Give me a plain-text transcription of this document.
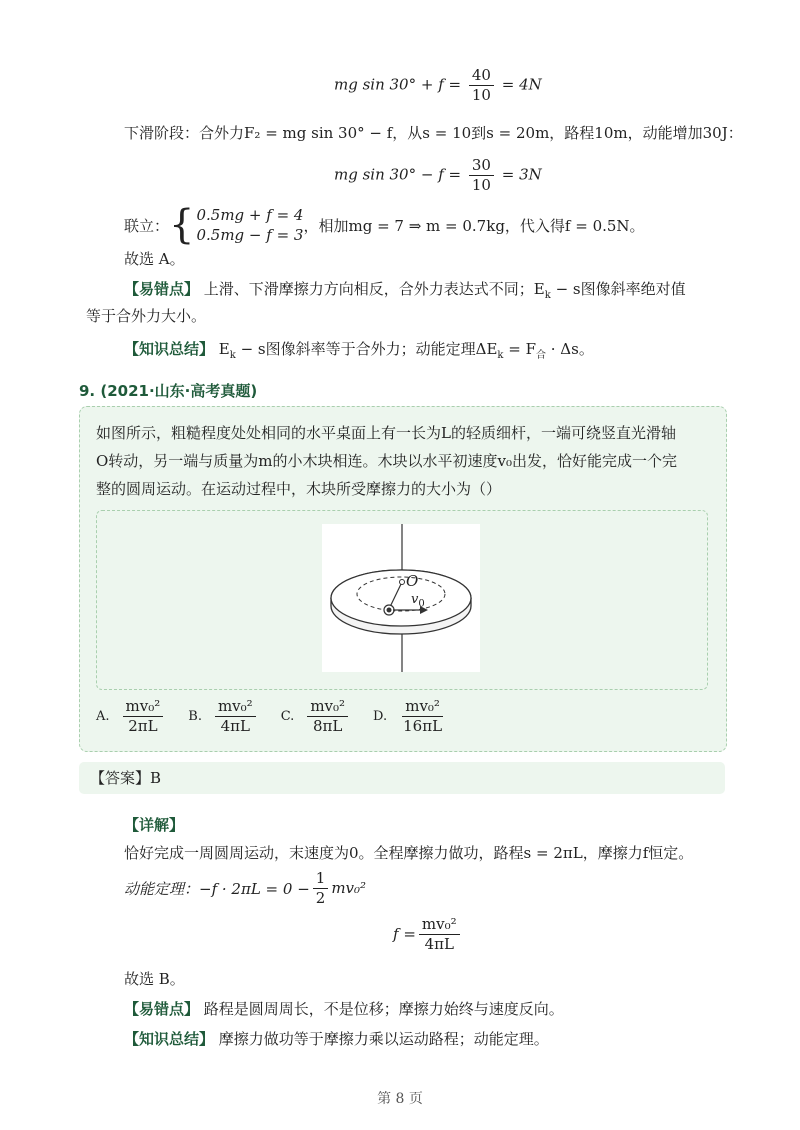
mg $\sin 30^\circ + f = \frac{40}{10} = 4N$
下滑阶段：合外力F₂ = mg sin 30° − f，从s = 10到s = 20m，路程10m，动能增加30J：
mg $\sin 30^\circ - f = \frac{30}{10} = 3N$
联立： { 0.5mg + f = 4
0.5mg − f = 3
，相加mg = 7 ⇒ m = 0.7kg，代入得f = 0.5N。
故选 A。
【易错点】 上滑、下滑摩擦力方向相反，合外力表达式不同；$E_k - s$图像斜率绝对值
等于合外力大小。
【知识总结】 $E_k - s$图像斜率等于合外力；动能定理$\Delta E_k = F_合 \cdot \Delta s$。
9. (2021·山东·高考真题)
如图所示，粗糙程度处处相同的水平桌面上有一长为L的轻质细杆，一端可绕竖直光滑轴
O转动，另一端与质量为m的小木块相连。木块以水平初速度v₀出发，恰好能完成一个完
整的圆周运动。在运动过程中，木块所受摩擦力的大小为（）
O
$v_0$
A. $\frac{\text{mv₀²}}{2\pi L} B$. $\frac{\text{mv₀²}}{4\pi L} C$. $\frac{\text{mv₀²}}{8\pi L} D$. $\frac{\text{mv₀²}}{16\pi L}$
【答案】B
【详解】
恰好完成一周圆周运动，末速度为0。全程摩擦力做功，路程s = 2πL，摩擦力f恒定。
动能定理：$-f \cdot 2\pi L = 0 - \frac{1}{2} mv_0^2$
$f = \frac{\text{mv₀²}}{4\pi L}$
故选 B。
【易错点】 路程是圆周周长，不是位移；摩擦力始终与速度反向。
【知识总结】 摩擦力做功等于摩擦力乘以运动路程；动能定理。
第 8 页
